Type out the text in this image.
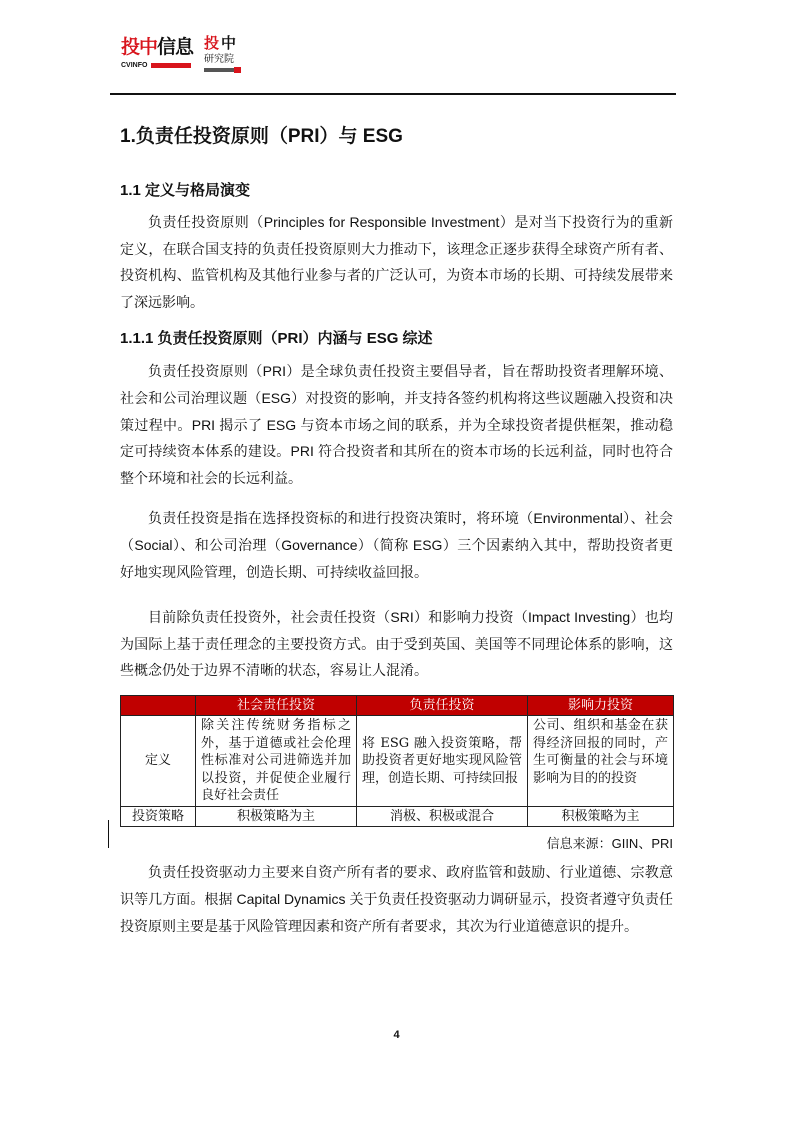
投中信息
CVINFO
投 中
研究院
1.负责任投资原则（PRI）与 ESG
1.1 定义与格局演变
负责任投资原则（Principles for Responsible Investment）是对当下投资行为的重新定义，在联合国支持的负责任投资原则大力推动下，该理念正逐步获得全球资产所有者、投资机构、监管机构及其他行业参与者的广泛认可，为资本市场的长期、可持续发展带来了深远影响。
1.1.1 负责任投资原则（PRI）内涵与 ESG 综述
负责任投资原则（PRI）是全球负责任投资主要倡导者，旨在帮助投资者理解环境、社会和公司治理议题（ESG）对投资的影响，并支持各签约机构将这些议题融入投资和决策过程中。PRI 揭示了 ESG 与资本市场之间的联系，并为全球投资者提供框架，推动稳定可持续资本体系的建设。PRI 符合投资者和其所在的资本市场的长远利益，同时也符合整个环境和社会的长远利益。
负责任投资是指在选择投资标的和进行投资决策时，将环境（Environmental）、社会（Social）、和公司治理（Governance）（简称 ESG）三个因素纳入其中，帮助投资者更好地实现风险管理，创造长期、可持续收益回报。
目前除负责任投资外，社会责任投资（SRI）和影响力投资（Impact Investing）也均为国际上基于责任理念的主要投资方式。由于受到英国、美国等不同理论体系的影响，这些概念仍处于边界不清晰的状态，容易让人混淆。
	社会责任投资	负责任投资	影响力投资
定义	除关注传统财务指标之外，基于道德或社会伦理性标准对公司进筛选并加以投资，并促使企业履行良好社会责任	将 ESG 融入投资策略，帮助投资者更好地实现风险管理，创造长期、可持续回报	公司、组织和基金在获得经济回报的同时，产生可衡量的社会与环境影响为目的的投资
投资策略	积极策略为主	消极、积极或混合	积极策略为主
信息来源：GIIN、PRI
负责任投资驱动力主要来自资产所有者的要求、政府监管和鼓励、行业道德、宗教意识等几方面。根据 Capital Dynamics 关于负责任投资驱动力调研显示，投资者遵守负责任投资原则主要是基于风险管理因素和资产所有者要求，其次为行业道德意识的提升。
4
